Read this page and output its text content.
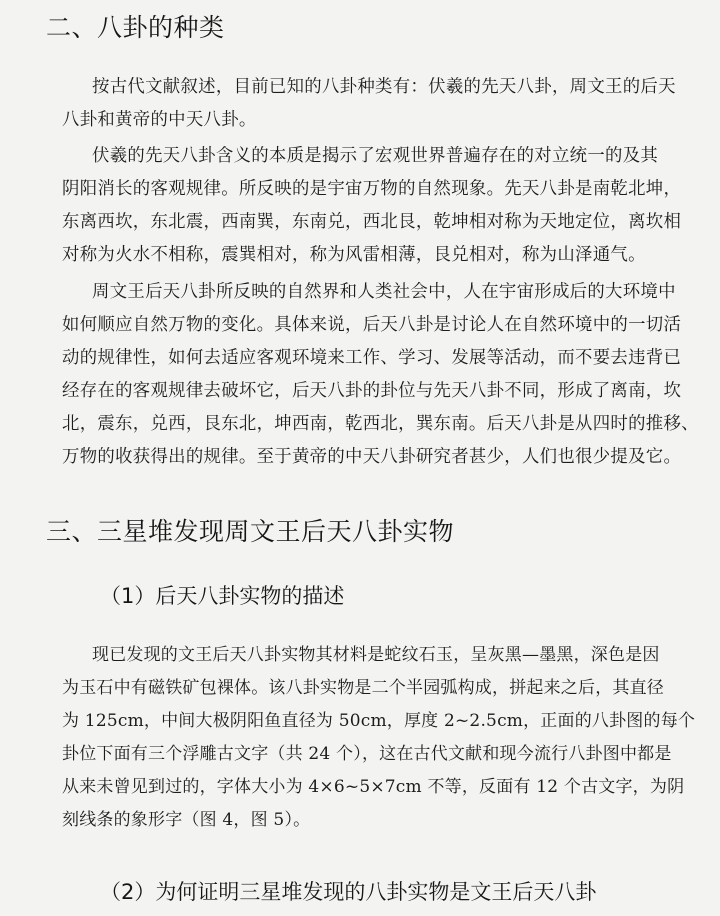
二、八卦的种类
按古代文献叙述，目前已知的八卦种类有：伏羲的先天八卦，周文王的后天
八卦和黄帝的中天八卦。
伏羲的先天八卦含义的本质是揭示了宏观世界普遍存在的对立统一的及其
阴阳消长的客观规律。所反映的是宇宙万物的自然现象。先天八卦是南乾北坤，
东离西坎，东北震，西南巽，东南兑，西北艮，乾坤相对称为天地定位，离坎相
对称为火水不相称，震巽相对，称为风雷相薄，艮兑相对，称为山泽通气。
周文王后天八卦所反映的自然界和人类社会中，人在宇宙形成后的大环境中
如何顺应自然万物的变化。具体来说，后天八卦是讨论人在自然环境中的一切活
动的规律性，如何去适应客观环境来工作、学习、发展等活动，而不要去违背已
经存在的客观规律去破坏它，后天八卦的卦位与先天八卦不同，形成了离南，坎
北，震东，兑西，艮东北，坤西南，乾西北，巽东南。后天八卦是从四时的推移、
万物的收获得出的规律。至于黄帝的中天八卦研究者甚少，人们也很少提及它。
三、三星堆发现周文王后天八卦实物
（1）后天八卦实物的描述
现已发现的文王后天八卦实物其材料是蛇纹石玉，呈灰黑—墨黑，深色是因
为玉石中有磁铁矿包裸体。该八卦实物是二个半园弧构成，拼起来之后，其直径
为 125cm，中间大极阴阳鱼直径为 50cm，厚度 2~2.5cm，正面的八卦图的每个
卦位下面有三个浮雕古文字（共 24 个），这在古代文献和现今流行八卦图中都是
从来未曾见到过的，字体大小为 4×6~5×7cm 不等，反面有 12 个古文字，为阴
刻线条的象形字（图 4，图 5）。
（2）为何证明三星堆发现的八卦实物是文王后天八卦
